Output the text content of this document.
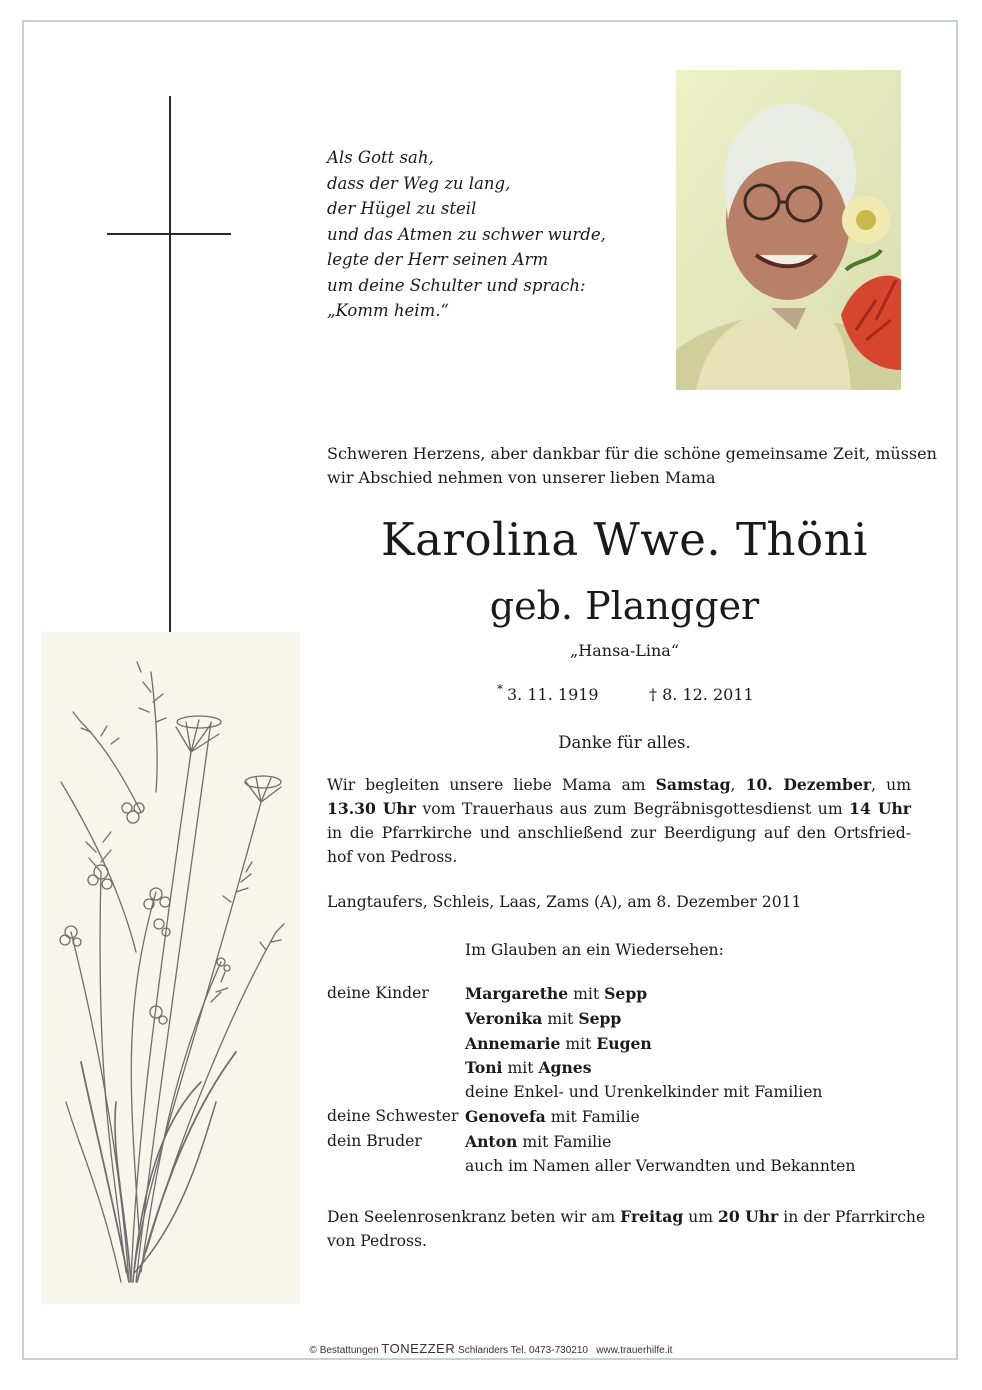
Als Gott sah,
dass der Weg zu lang,
der Hügel zu steil
und das Atmen zu schwer wurde,
legte der Herr seinen Arm
um deine Schulter und sprach:
„Komm heim.“
Schweren Herzens, aber dankbar für die schöne gemeinsame Zeit, müssen
wir Abschied nehmen von unserer lieben Mama
Karolina Wwe. Thöni
geb. Plangger
„Hansa-Lina“
* 3. 11. 1919	† 8. 12. 2011
Danke für alles.
Wir begleiten unsere liebe Mama am Samstag, 10. Dezember, um 13.30 Uhr vom Trauerhaus aus zum Begräbnisgottesdienst um 14 Uhr in die Pfarrkirche und anschließend zur Beerdigung auf den Ortsfried-hof von Pedross.
Langtaufers, Schleis, Laas, Zams (A), am 8. Dezember 2011
Im Glauben an ein Wiedersehen:
deine Kinder	Margarethe mit Sepp
Veronika mit Sepp
Annemarie mit Eugen
Toni mit Agnes
deine Enkel- und Urenkelkinder mit Familien
deine Schwester Genovefa mit Familie
dein Bruder	Anton mit Familie
auch im Namen aller Verwandten und Bekannten
Den Seelenrosenkranz beten wir am Freitag um 20 Uhr in der Pfarrkirche von Pedross.
© Bestattungen TONEZZER Schlanders Tel. 0473-730210 www.trauerhilfe.it
